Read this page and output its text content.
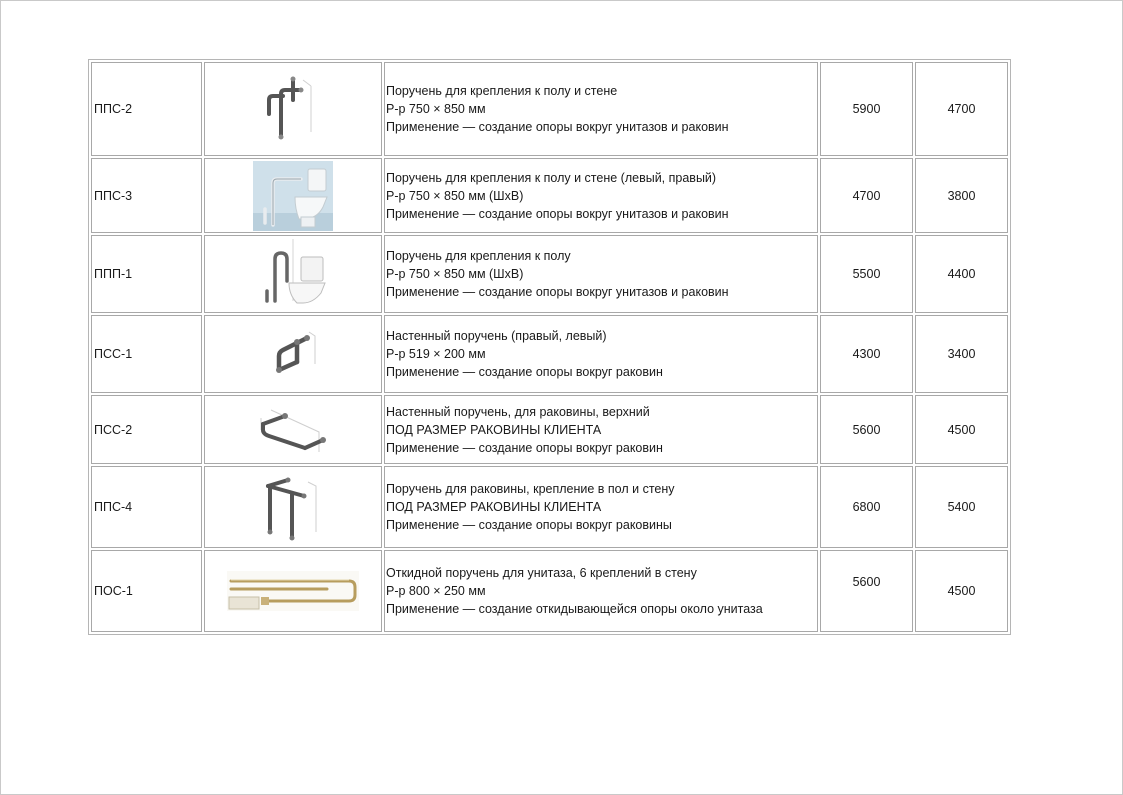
ППС-2		Поручень для крепления к полу и стене
Р-р 750 × 850 мм
Применение — создание опоры вокруг унитазов и раковин	5900	4700
ППС-3		Поручень для крепления к полу и стене (левый, правый)
Р-р 750 × 850 мм (ШхВ)
Применение — создание опоры вокруг унитазов и раковин	4700	3800
ППП-1		Поручень для крепления к полу
Р-р 750 × 850 мм (ШхВ)
Применение — создание опоры вокруг унитазов и раковин	5500	4400
ПСС-1		Настенный поручень (правый, левый)
Р-р 519 × 200 мм
Применение — создание опоры вокруг раковин	4300	3400
ПСС-2		Настенный поручень, для раковины, верхний
ПОД РАЗМЕР РАКОВИНЫ КЛИЕНТА
Применение — создание опоры вокруг раковин	5600	4500
ППС-4		Поручень для раковины, крепление в пол и стену
ПОД РАЗМЕР РАКОВИНЫ КЛИЕНТА
Применение — создание опоры вокруг раковины	6800	5400
ПОС-1		Откидной поручень для унитаза, 6 креплений в стену
Р-р 800 × 250 мм
Применение — создание откидывающейся опоры около унитаза	5600	4500
